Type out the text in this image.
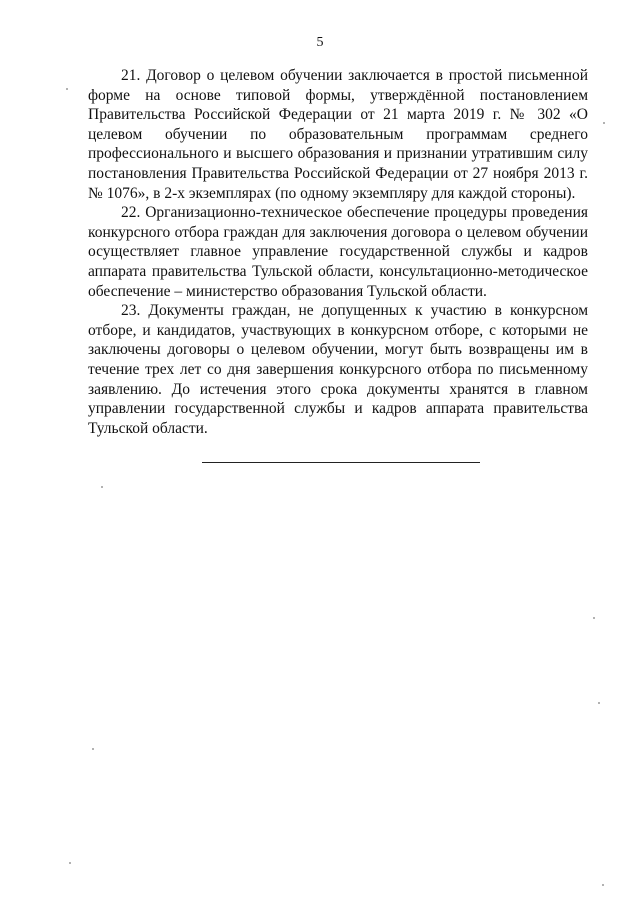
5

21. Договор о целевом обучении заключается в простой письменной форме на основе типовой формы, утверждённой постановлением Правительства Российской Федерации от 21 марта 2019 г. № 302 «О целевом обучении по образовательным программам среднего профессионального и высшего образования и признании утратившим силу постановления Правительства Российской Федерации от 27 ноября 2013 г. № 1076», в 2-х экземплярах (по одному экземпляру для каждой стороны).

22. Организационно-техническое обеспечение процедуры проведения конкурсного отбора граждан для заключения договора о целевом обучении осуществляет главное управление государственной службы и кадров аппарата правительства Тульской области, консультационно-методическое обеспечение – министерство образования Тульской области.

23. Документы граждан, не допущенных к участию в конкурсном отборе, и кандидатов, участвующих в конкурсном отборе, с которыми не заключены договоры о целевом обучении, могут быть возвращены им в течение трех лет со дня завершения конкурсного отбора по письменному заявлению. До истечения этого срока документы хранятся в главном управлении государственной службы и кадров аппарата правительства Тульской области.
